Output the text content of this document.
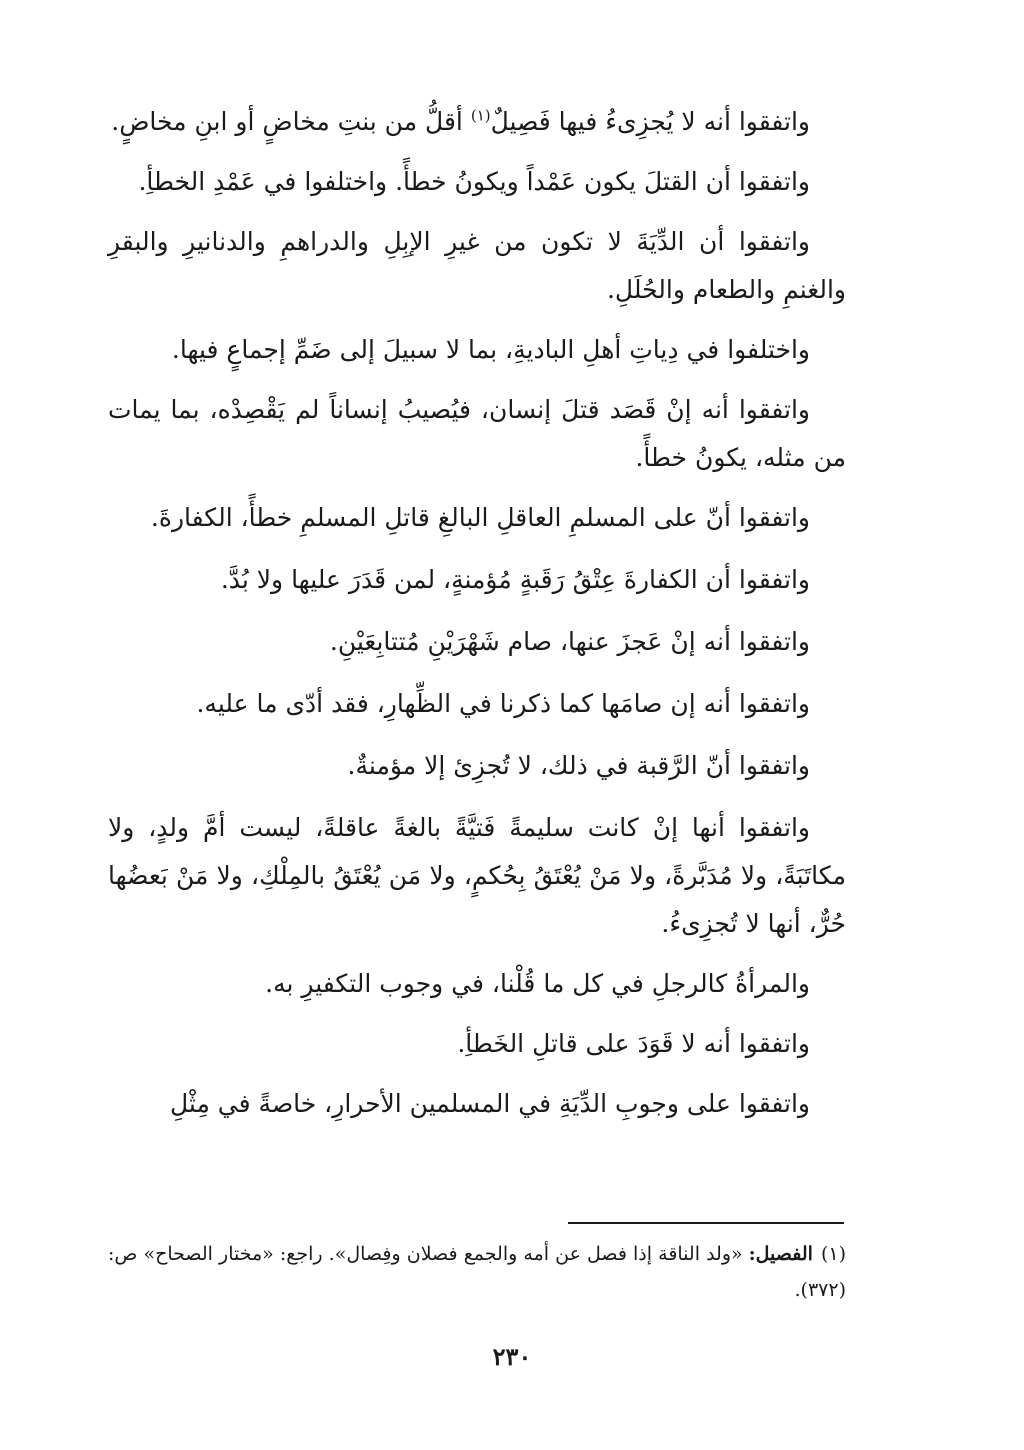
واتفقوا أنه لا يُجزِىءُ فيها فَصِيلٌ$^{(١)}$ أقلُّ من بنتِ مخاضٍ أو ابنِ مخاضٍ.

واتفقوا أن القتلَ يكون عَمْداً ويكونُ خطأً. واختلفوا في عَمْدِ الخطأِ.

واتفقوا أن الدِّيَةَ لا تكون من غيرِ الإبِلِ والدراهمِ والدنانيرِ والبقرِ والغنمِ والطعام والحُلَلِ.

واختلفوا في دِياتِ أهلِ الباديةِ، بما لا سبيلَ إلى ضَمِّ إجماعٍ فيها.

واتفقوا أنه إنْ قَصَد قتلَ إنسان، فيُصيبُ إنساناً لم يَقْصِدْه، بما يمات من مثله، يكونُ خطأً.

واتفقوا أنّ على المسلمِ العاقلِ البالغِ قاتلِ المسلمِ خطأً، الكفارةَ.

واتفقوا أن الكفارةَ عِتْقُ رَقَبةٍ مُؤمنةٍ، لمن قَدَرَ عليها ولا بُدَّ.

واتفقوا أنه إنْ عَجزَ عنها، صام شَهْرَيْنِ مُتتابِعَيْنِ.

واتفقوا أنه إن صامَها كما ذكرنا في الظِّهارِ، فقد أدّى ما عليه.

واتفقوا أنّ الرَّقبة في ذلك، لا تُجزِئ إلا مؤمنةٌ.

واتفقوا أنها إنْ كانت سليمةً فَتيَّةً بالغةً عاقلةً، ليست أمَّ ولدٍ، ولا مكاتَبَةً، ولا مُدَبَّرةً، ولا مَنْ يُعْتَقُ بِحُكمٍ، ولا مَن يُعْتَقُ بالمِلْكِ، ولا مَنْ بَعضُها حُرٌّ، أنها لا تُجزِىءُ.

والمرأةُ كالرجلِ في كل ما قُلْنا، في وجوب التكفيرِ به.

واتفقوا أنه لا قَوَدَ على قاتلِ الخَطأِ.

واتفقوا على وجوبِ الدِّيَةِ في المسلمين الأحرارِ، خاصةً في مِثْلِ

(١)الفصيل:«ولد الناقة إذا فصل عن أمه والجمع فصلان وفِصال». راجع: «مختار الصحاح» ص: (٣٧٢).
٢٣٠
